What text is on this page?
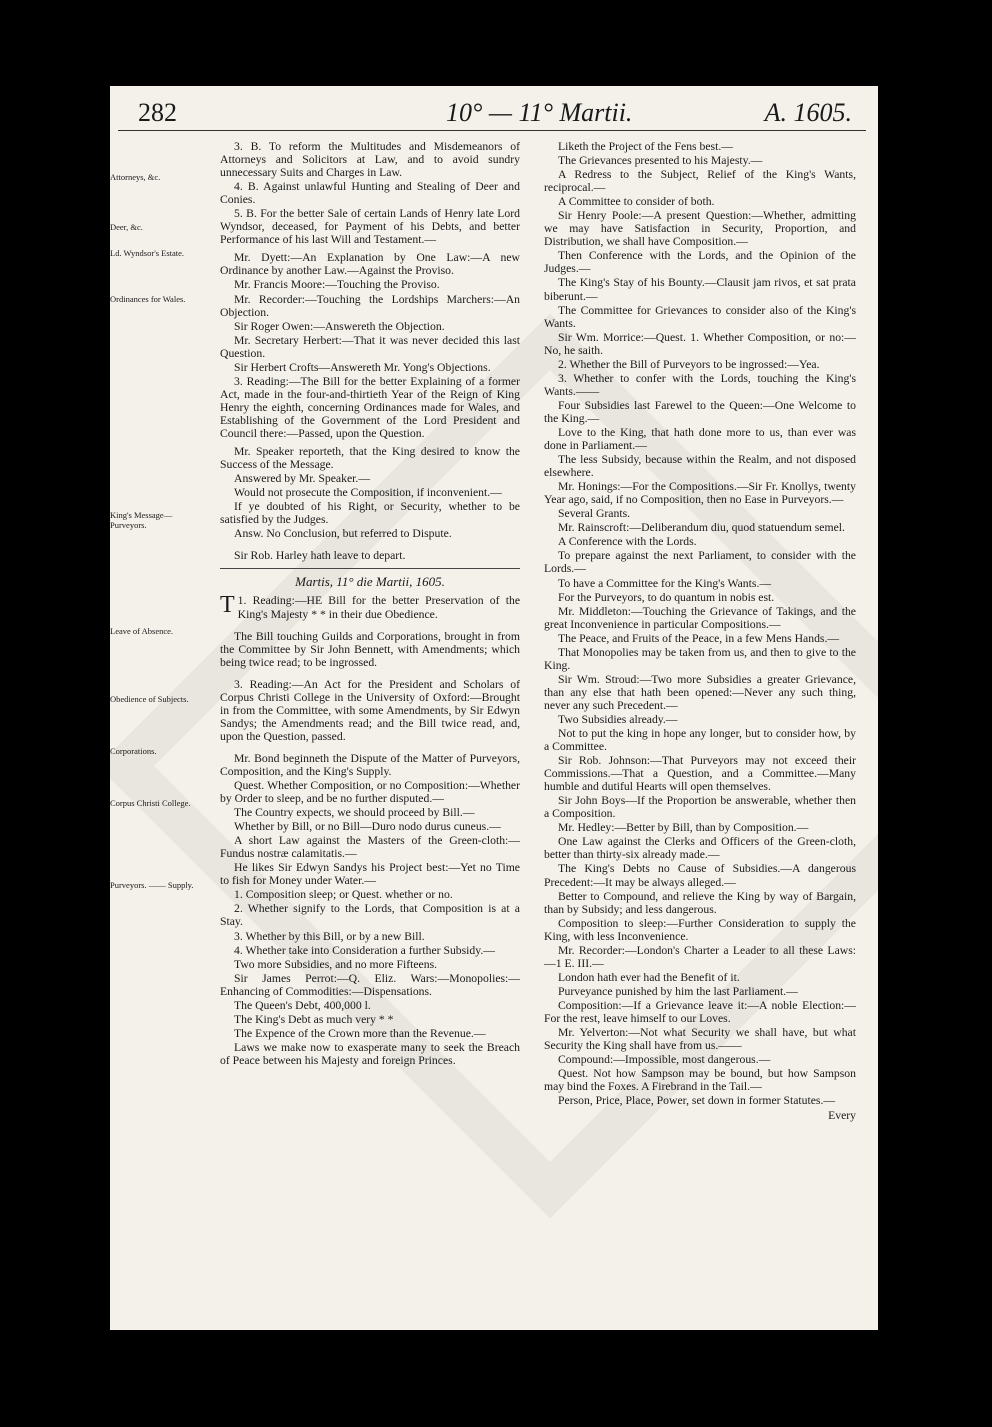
282	10° — 11° Martii.	A. 1605.
Attorneys, &c.
Deer, &c.
Ld. Wyndsor's Estate.
Ordinances for Wales.
King's Message— Purveyors.
Leave of Absence.
Obedience of Subjects.
Corporations.
Corpus Christi College.
Purveyors. —— Supply.

3. B. To reform the Multitudes and Misdemeanors of Attorneys and Solicitors at Law, and to avoid sundry unnecessary Suits and Charges in Law.

4. B. Against unlawful Hunting and Stealing of Deer and Conies.

5. B. For the better Sale of certain Lands of Henry late Lord Wyndsor, deceased, for Payment of his Debts, and better Performance of his last Will and Testament.—

Mr. Dyett:—An Explanation by One Law:—A new Ordinance by another Law.—Against the Proviso.

Mr. Francis Moore:—Touching the Proviso.

Mr. Recorder:—Touching the Lordships Marchers:—An Objection.

Sir Roger Owen:—Answereth the Objection.

Mr. Secretary Herbert:—That it was never decided this last Question.

Sir Herbert Crofts—Answereth Mr. Yong's Objections.

3. Reading:—The Bill for the better Explaining of a former Act, made in the four-and-thirtieth Year of the Reign of King Henry the eighth, concerning Ordinances made for Wales, and Establishing of the Government of the Lord President and Council there:—Passed, upon the Question.

Mr. Speaker reporteth, that the King desired to know the Success of the Message.

Answered by Mr. Speaker.—

Would not prosecute the Composition, if inconvenient.—

If ye doubted of his Right, or Security, whether to be satisfied by the Judges.

Answ. No Conclusion, but referred to Dispute.

Sir Rob. Harley hath leave to depart.

Martis, 11° die Martii, 1605.

1. Reading:—
T	HE Bill for the better Preservation of the King's Majesty * * in their due Obedience.

The Bill touching Guilds and Corporations, brought in from the Committee by Sir John Bennett, with Amendments; which being twice read; to be ingrossed.

3. Reading:—An Act for the President and Scholars of Corpus Christi College in the University of Oxford:—Brought in from the Committee, with some Amendments, by Sir Edwyn Sandys; the Amendments read; and the Bill twice read, and, upon the Question, passed.

Mr. Bond beginneth the Dispute of the Matter of Purveyors, Composition, and the King's Supply.

Quest. Whether Composition, or no Composition:—Whether by Order to sleep, and be no further disputed.—

The Country expects, we should proceed by Bill.—

Whether by Bill, or no Bill—Duro nodo durus cuneus.—

A short Law against the Masters of the Green-cloth:—Fundus nostræ calamitatis.—

He likes Sir Edwyn Sandys his Project best:—Yet no Time to fish for Money under Water.—

1. Composition sleep; or Quest. whether or no.

2. Whether signify to the Lords, that Composition is at a Stay.

3. Whether by this Bill, or by a new Bill.

4. Whether take into Consideration a further Subsidy.—

Two more Subsidies, and no more Fifteens.

Sir James Perrot:—Q. Eliz. Wars:—Monopolies:—Enhancing of Commodities:—Dispensations.

The Queen's Debt, 400,000 l.

The King's Debt as much very * *

The Expence of the Crown more than the Revenue.—

Laws we make now to exasperate many to seek the Breach of Peace between his Majesty and foreign Princes.

Liketh the Project of the Fens best.—

The Grievances presented to his Majesty.—

A Redress to the Subject, Relief of the King's Wants, reciprocal.—

A Committee to consider of both.

Sir Henry Poole:—A present Question:—Whether, admitting we may have Satisfaction in Security, Proportion, and Distribution, we shall have Composition.—

Then Conference with the Lords, and the Opinion of the Judges.—

The King's Stay of his Bounty.—Clausit jam rivos, et sat prata biberunt.—

The Committee for Grievances to consider also of the King's Wants.

Sir Wm. Morrice:—Quest. 1. Whether Composition, or no:—No, he saith.

2. Whether the Bill of Purveyors to be ingrossed:—Yea.

3. Whether to confer with the Lords, touching the King's Wants.——

Four Subsidies last Farewel to the Queen:—One Welcome to the King.—

Love to the King, that hath done more to us, than ever was done in Parliament.—

The less Subsidy, because within the Realm, and not disposed elsewhere.

Mr. Honings:—For the Compositions.—Sir Fr. Knollys, twenty Year ago, said, if no Composition, then no Ease in Purveyors.—

Several Grants.

Mr. Rainscroft:—Deliberandum diu, quod statuendum semel.

A Conference with the Lords.

To prepare against the next Parliament, to consider with the Lords.—

To have a Committee for the King's Wants.—

For the Purveyors, to do quantum in nobis est.

Mr. Middleton:—Touching the Grievance of Takings, and the great Inconvenience in particular Compositions.—

The Peace, and Fruits of the Peace, in a few Mens Hands.—

That Monopolies may be taken from us, and then to give to the King.

Sir Wm. Stroud:—Two more Subsidies a greater Grievance, than any else that hath been opened:—Never any such thing, never any such Precedent.—

Two Subsidies already.—

Not to put the king in hope any longer, but to consider how, by a Committee.

Sir Rob. Johnson:—That Purveyors may not exceed their Commissions.—That a Question, and a Committee.—Many humble and dutiful Hearts will open themselves.

Sir John Boys—If the Proportion be answerable, whether then a Composition.

Mr. Hedley:—Better by Bill, than by Composition.—

One Law against the Clerks and Officers of the Green-cloth, better than thirty-six already made.—

The King's Debts no Cause of Subsidies.—A dangerous Precedent:—It may be always alleged.—

Better to Compound, and relieve the King by way of Bargain, than by Subsidy; and less dangerous.

Composition to sleep:—Further Consideration to supply the King, with less Inconvenience.

Mr. Recorder:—London's Charter a Leader to all these Laws:—1 E. III.—

London hath ever had the Benefit of it.

Purveyance punished by him the last Parliament.—

Composition:—If a Grievance leave it:—A noble Election:—For the rest, leave himself to our Loves.

Mr. Yelverton:—Not what Security we shall have, but what Security the King shall have from us.——

Compound:—Impossible, most dangerous.—

Quest. Not how Sampson may be bound, but how Sampson may bind the Foxes. A Firebrand in the Tail.—

Person, Price, Place, Power, set down in former Statutes.—

Every
